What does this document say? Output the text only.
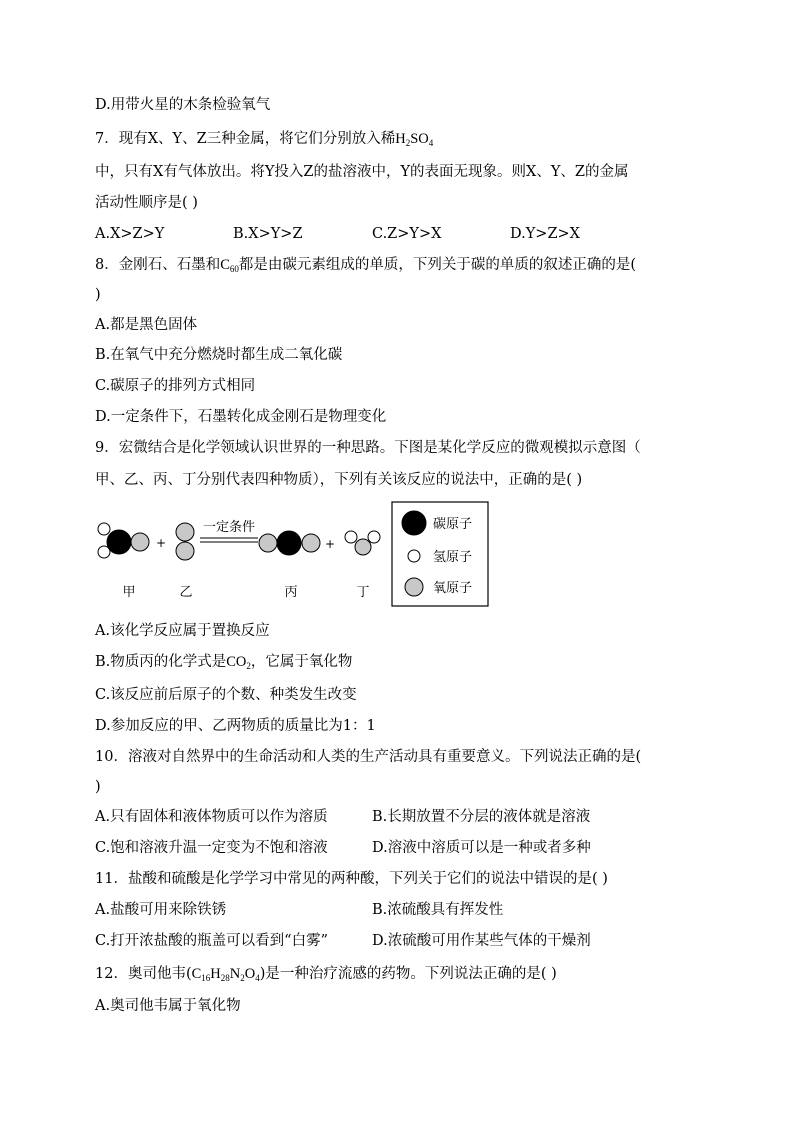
D.用带火星的木条检验氧气
7．现有X、Y、Z三种金属，将它们分别放入稀$H_2SO_4$
中，只有X有气体放出。将Y投入Z的盐溶液中，Y的表面无现象。则X、Y、Z的金属
活动性顺序是( )
A.X>Z>Y	B.X>Y>Z	C.Z>Y>X	D.Y>Z>X
8．金刚石、石墨和$C_{60}$都是由碳元素组成的单质，下列关于碳的单质的叙述正确的是(
)
A.都是黑色固体
B.在氧气中充分燃烧时都生成二氧化碳
C.碳原子的排列方式相同
D.一定条件下，石墨转化成金刚石是物理变化
9．宏微结合是化学领域认识世界的一种思路。下图是某化学反应的微观模拟示意图（
甲、乙、丙、丁分别代表四种物质），下列有关该反应的说法中，正确的是( )
+
一定条件
+
甲	乙	丙	丁
碳原子
氢原子
氧原子
A.该化学反应属于置换反应
B.物质丙的化学式是$CO_2$，它属于氧化物
C.该反应前后原子的个数、种类发生改变
D.参加反应的甲、乙两物质的质量比为1：1
10．溶液对自然界中的生命活动和人类的生产活动具有重要意义。下列说法正确的是(
)
A.只有固体和液体物质可以作为溶质	B.长期放置不分层的液体就是溶液
C.饱和溶液升温一定变为不饱和溶液	D.溶液中溶质可以是一种或者多种
11．盐酸和硫酸是化学学习中常见的两种酸，下列关于它们的说法中错误的是( )
A.盐酸可用来除铁锈	B.浓硫酸具有挥发性
C.打开浓盐酸的瓶盖可以看到“白雾”	D.浓硫酸可用作某些气体的干燥剂
12．奥司他韦$(C_{16}H_{28}N_2O_4)$是一种治疗流感的药物。下列说法正确的是( )
A.奥司他韦属于氧化物
